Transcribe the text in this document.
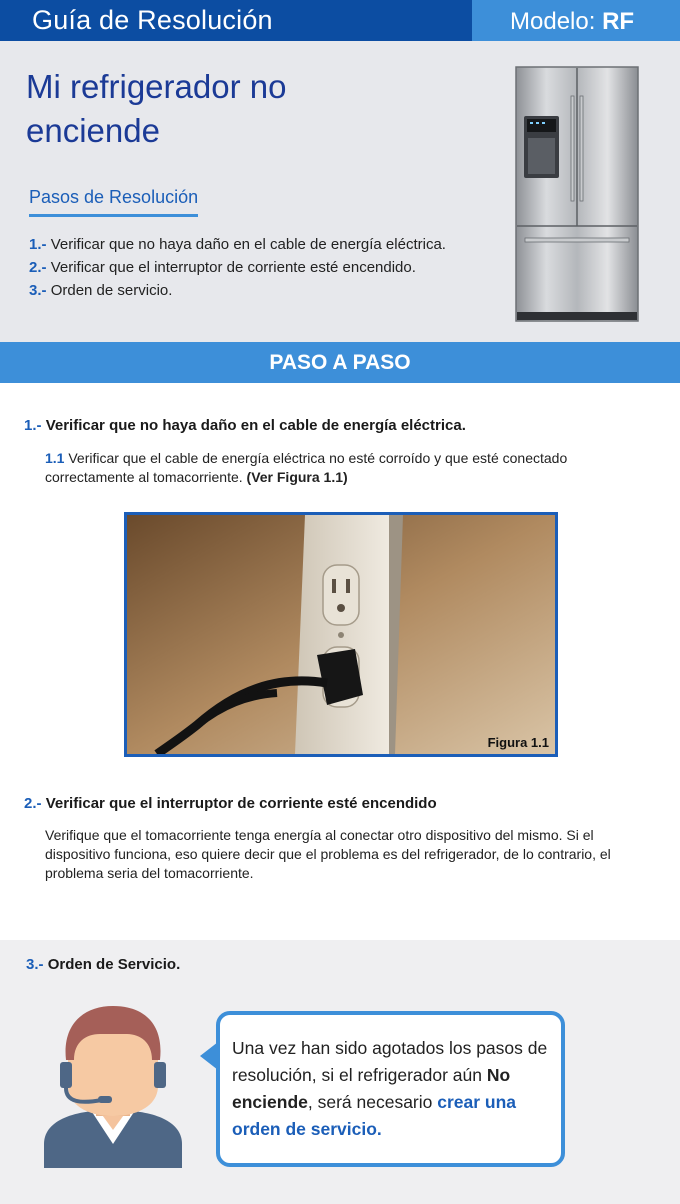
Guía de Resolución	Modelo: RF
Mi refrigerador no enciende
Pasos de Resolución
1.- Verificar que no haya daño en el cable de energía eléctrica.
2.- Verificar que el interruptor de corriente esté encendido.
3.- Orden de servicio.
PASO A PASO
1.- Verificar que no haya daño en el cable de energía eléctrica.
1.1 Verificar que el cable de energía eléctrica no esté corroído y que esté conectado correctamente al tomacorriente. (Ver Figura 1.1)
Figura 1.1
2.- Verificar que el interruptor de corriente esté encendido
Verifique que el tomacorriente tenga energía al conectar otro dispositivo del mismo. Si el dispositivo funciona, eso quiere decir que el problema es del refrigerador, de lo contrario, el problema seria del tomacorriente.
3.- Orden de Servicio.
Una vez han sido agotados los pasos de resolución, si el refrigerador aún No enciende, será necesario crear una orden de servicio.
